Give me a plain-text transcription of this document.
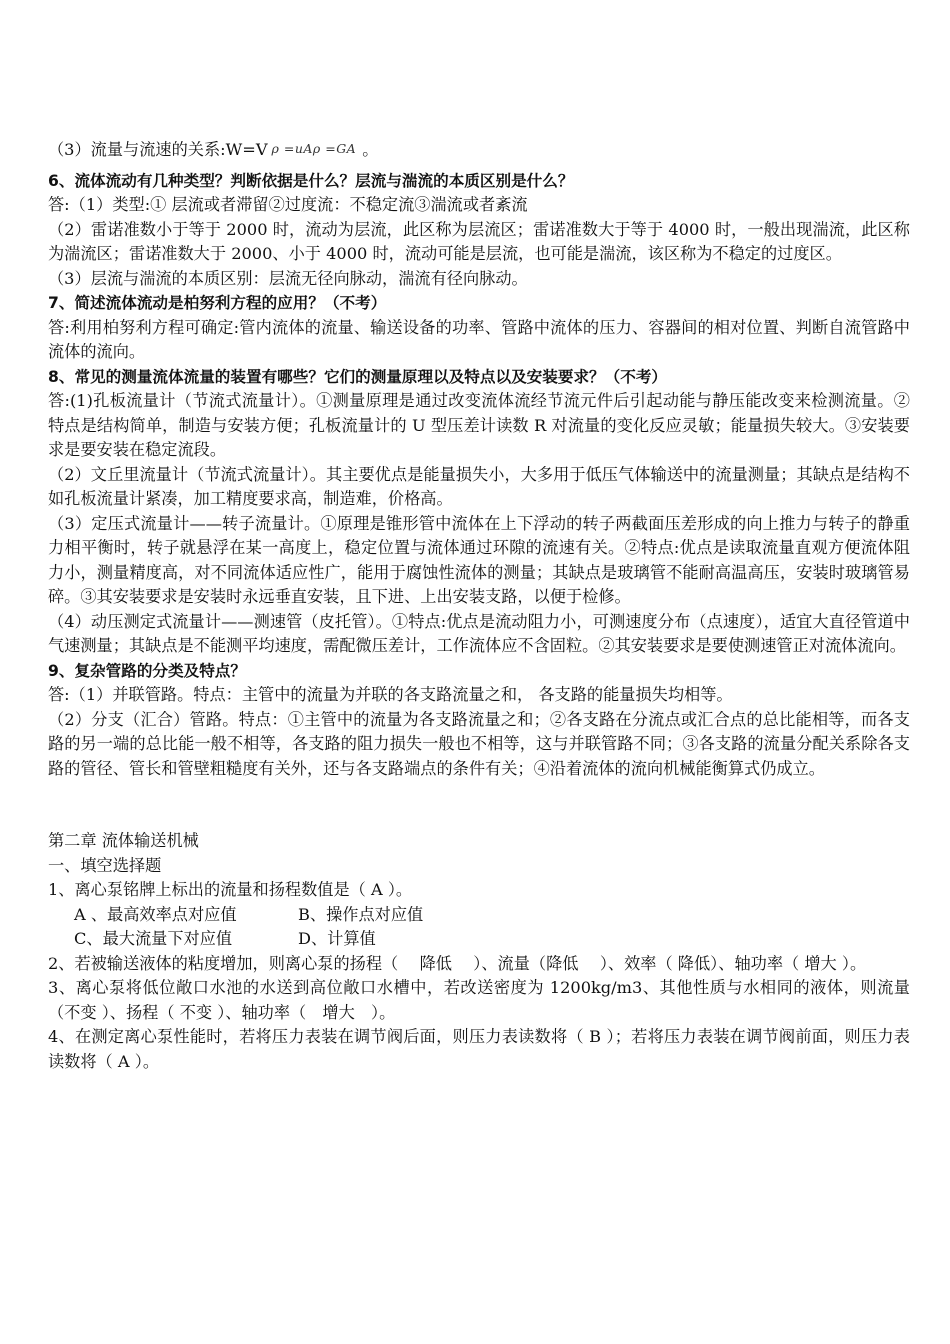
（3）流量与流速的关系:W=V ρ =uAρ =GA 。

6、流体流动有几种类型？判断依据是什么？层流与湍流的本质区别是什么？

答:（1）类型:① 层流或者滞留②过度流：不稳定流③湍流或者紊流

（2）雷诺准数小于等于 2000 时，流动为层流，此区称为层流区；雷诺准数大于等于 4000 时，一般出现湍流，此区称为湍流区；雷诺准数大于 2000、小于 4000 时，流动可能是层流，也可能是湍流，该区称为不稳定的过度区。

（3）层流与湍流的本质区别：层流无径向脉动，湍流有径向脉动。

7、简述流体流动是柏努利方程的应用？（不考）

答:利用柏努利方程可确定:管内流体的流量、输送设备的功率、管路中流体的压力、容器间的相对位置、判断自流管路中流体的流向。

8、常见的测量流体流量的装置有哪些？它们的测量原理以及特点以及安装要求？（不考）

答:(1)孔板流量计（节流式流量计）。①测量原理是通过改变流体流经节流元件后引起动能与静压能改变来检测流量。②特点是结构简单，制造与安装方便；孔板流量计的 U 型压差计读数 R 对流量的变化反应灵敏；能量损失较大。③安装要求是要安装在稳定流段。

（2）文丘里流量计（节流式流量计）。其主要优点是能量损失小，大多用于低压气体输送中的流量测量；其缺点是结构不如孔板流量计紧凑，加工精度要求高，制造难，价格高。

（3）定压式流量计——转子流量计。①原理是锥形管中流体在上下浮动的转子两截面压差形成的向上推力与转子的静重力相平衡时，转子就悬浮在某一高度上，稳定位置与流体通过环隙的流速有关。②特点:优点是读取流量直观方便流体阻力小，测量精度高，对不同流体适应性广，能用于腐蚀性流体的测量；其缺点是玻璃管不能耐高温高压，安装时玻璃管易碎。③其安装要求是安装时永远垂直安装，且下进、上出安装支路，以便于检修。

（4）动压测定式流量计——测速管（皮托管）。①特点:优点是流动阻力小，可测速度分布（点速度），适宜大直径管道中气速测量；其缺点是不能测平均速度，需配微压差计，工作流体应不含固粒。②其安装要求是要使测速管正对流体流向。

9、复杂管路的分类及特点？

答:（1）并联管路。特点：主管中的流量为并联的各支路流量之和， 各支路的能量损失均相等。

（2）分支（汇合）管路。特点：①主管中的流量为各支路流量之和；②各支路在分流点或汇合点的总比能相等，而各支路的另一端的总比能一般不相等，各支路的阻力损失一般也不相等，这与并联管路不同；③各支路的流量分配关系除各支路的管径、管长和管壁粗糙度有关外，还与各支路端点的条件有关；④沿着流体的流向机械能衡算式仍成立。

第二章 流体输送机械

一、填空选择题

1、离心泵铭牌上标出的流量和扬程数值是（ A ）。

A 、最高效率点对应值	B、操作点对应值

C、最大流量下对应值	D、计算值

2、若被输送液体的粘度增加，则离心泵的扬程（　 降低　 ）、流量（降低　 ）、效率（ 降低）、轴功率（ 增大 ）。

3、离心泵将低位敞口水池的水送到高位敞口水槽中，若改送密度为 1200kg/m3、其他性质与水相同的液体，则流量（不变 ）、扬程（ 不变 ）、轴功率（　增大　）。

4、在测定离心泵性能时，若将压力表装在调节阀后面，则压力表读数将（ B ）；若将压力表装在调节阀前面，则压力表读数将（ A ）。
